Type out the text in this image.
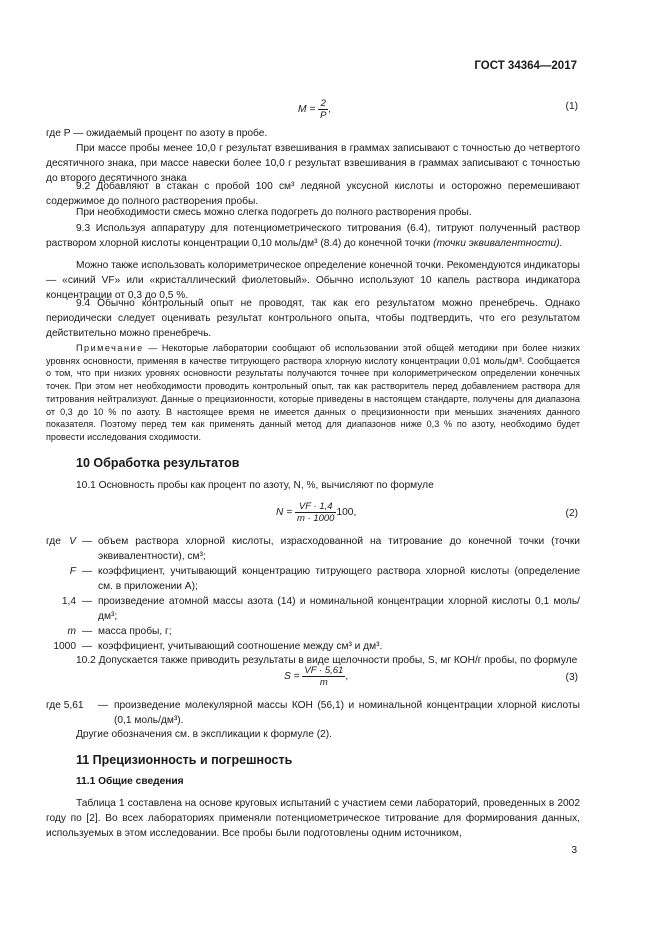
ГОСТ 34364—2017
$M = \frac{2}{P}$ ,	(1)

где P — ожидаемый процент по азоту в пробе.

При массе пробы менее 10,0 г результат взвешивания в граммах записывают с точностью до четвертого десятичного знака, при массе навески более 10,0 г результат взвешивания в граммах записывают с точностью до второго десятичного знака

9.2 Добавляют в стакан с пробой 100 см³ ледяной уксусной кислоты и осторожно перемешивают содержимое до полного растворения пробы.

При необходимости смесь можно слегка подогреть до полного растворения пробы.

9.3 Используя аппаратуру для потенциометрического титрования (6.4), титруют полученный раствор раствором хлорной кислоты концентрации 0,10 моль/дм³ (8.4) до конечной точки (точки эквивалентности).

Можно также использовать колориметрическое определение конечной точки. Рекомендуются индикаторы — «синий VF» или «кристаллический фиолетовый». Обычно используют 10 капель раствора индикатора концентрации от 0,3 до 0,5 %.

9.4 Обычно контрольный опыт не проводят, так как его результатом можно пренебречь. Однако периодически следует оценивать результат контрольного опыта, чтобы подтвердить, что его результатом действительно можно пренебречь.

Примечание — Некоторые лаборатории сообщают об использовании этой общей методики при более низких уровнях основности, применяя в качестве титрующего раствора хлорную кислоту концентрации 0,01 моль/дм³. Сообщается о том, что при низких уровнях основности результаты получаются точнее при колориметрическом определении конечных точек. При этом нет необходимости проводить контрольный опыт, так как растворитель перед добавлением раствора для титрования нейтрализуют. Данные о прецизионности, которые приведены в настоящем стандарте, получены для диапазона от 0,3 до 10 % по азоту. В настоящее время не имеется данных о прецизионности при меньших значениях данного показателя. Поэтому перед тем как применять данный метод для диапазонов ниже 0,3 % по азоту, необходимо будет провести исследования сходимости.

10 Обработка результатов

10.1 Основность пробы как процент по азоту, N, %, вычисляют по формуле

$N = \frac{VF \cdot 1,4}{m \cdot 1000} 100$,	(2)
где V — объем раствора хлорной кислоты, израсходованной на титрование до конечной точки (точки эквивалентности), см³;
F — коэффициент, учитывающий концентрацию титрующего раствора хлорной кислоты (определение см. в приложении А);
1,4 — произведение атомной массы азота (14) и номинальной концентрации хлорной кислоты 0,1 моль/дм³;
m — масса пробы, г;
1000 — коэффициент, учитывающий соотношение между см³ и дм³.

10.2 Допускается также приводить результаты в виде щелочности пробы, S, мг КОН/г пробы, по формуле

$S = \frac{VF \cdot 5,61}{m}$ ,	(3)
где 5,61 — произведение молекулярной массы КОН (56,1) и номинальной концентрации хлорной кислоты (0,1 моль/дм³).

Другие обозначения см. в экспликации к формуле (2).

11 Прецизионность и погрешность
11.1 Общие сведения

Таблица 1 составлена на основе круговых испытаний с участием семи лабораторий, проведенных в 2002 году по [2]. Во всех лабораториях применяли потенциометрическое титрование для формирования данных, используемых в этом исследовании. Все пробы были подготовлены одним источником,

3
